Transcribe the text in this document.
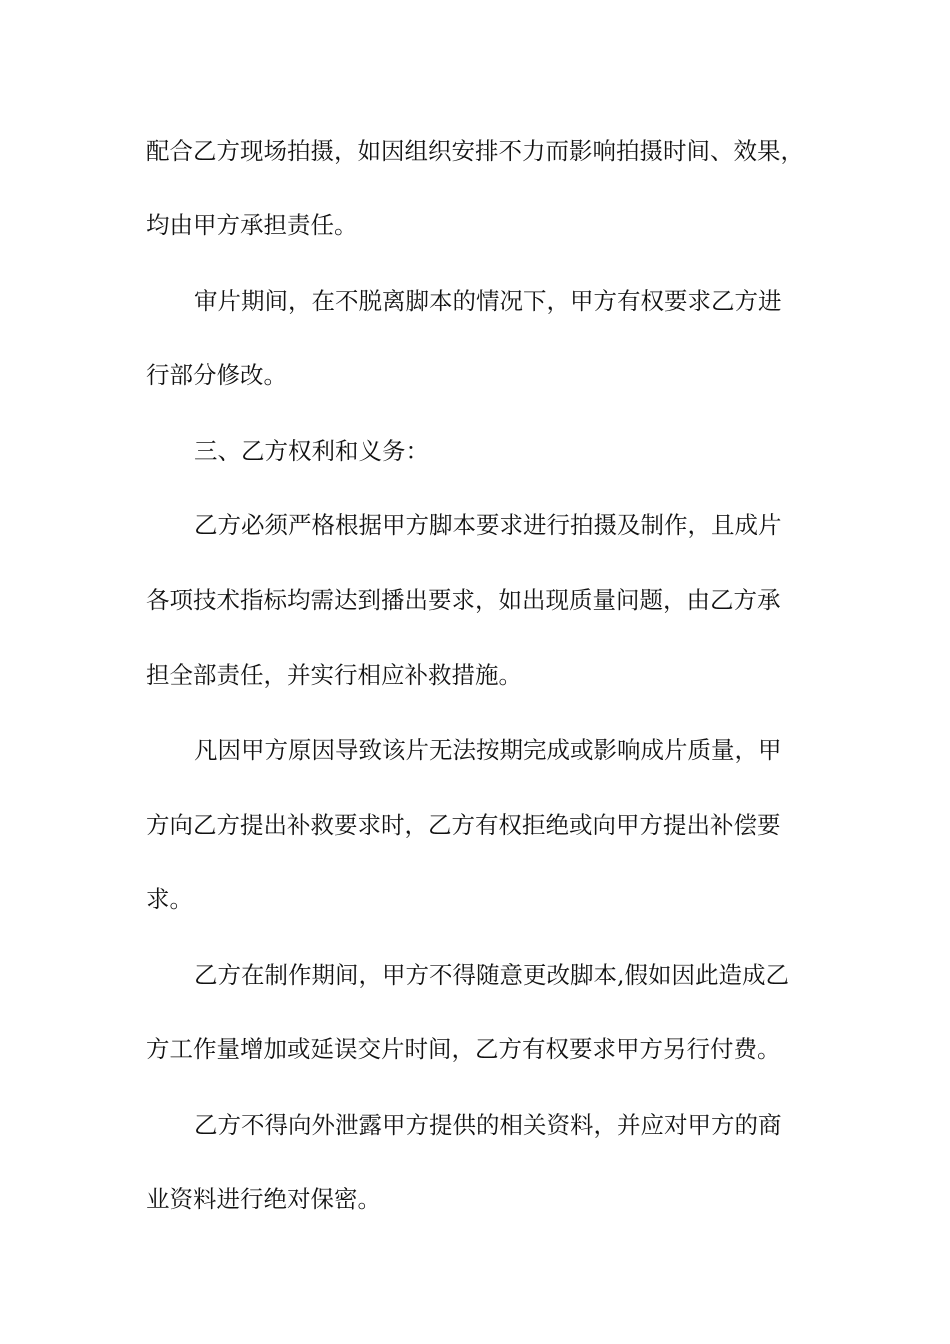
配合乙方现场拍摄，如因组织安排不力而影响拍摄时间、效果，
均由甲方承担责任。
审片期间，在不脱离脚本的情况下，甲方有权要求乙方进
行部分修改。
三、乙方权利和义务：
乙方必须严格根据甲方脚本要求进行拍摄及制作，且成片
各项技术指标均需达到播出要求，如出现质量问题，由乙方承
担全部责任，并实行相应补救措施。
凡因甲方原因导致该片无法按期完成或影响成片质量，甲
方向乙方提出补救要求时，乙方有权拒绝或向甲方提出补偿要
求。
乙方在制作期间，甲方不得随意更改脚本,假如因此造成乙
方工作量增加或延误交片时间，乙方有权要求甲方另行付费。
乙方不得向外泄露甲方提供的相关资料，并应对甲方的商
业资料进行绝对保密。
